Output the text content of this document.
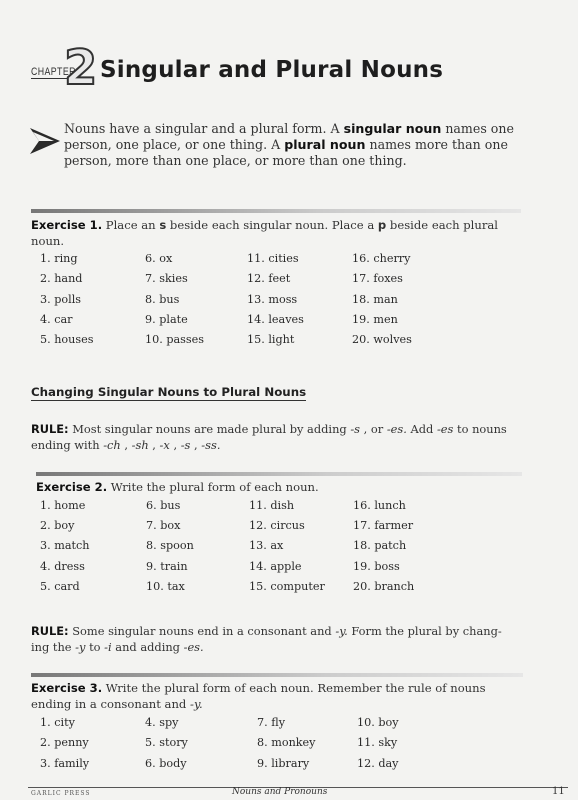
CHAPTER
2 Singular and Plural Nouns
Nouns have a singular and a plural form. A singular noun names one person, one place, or one thing. A plural noun names more than one person, more than one place, or more than one thing.
Exercise 1. Place an s beside each singular noun. Place a p beside each plural noun.
1. ring	6. ox	11. cities	16. cherry
2. hand	7. skies	12. feet	17. foxes
3. polls	8. bus	13. moss	18. man
4. car	9. plate	14. leaves	19. men
5. houses	10. passes	15. light	20. wolves
Changing Singular Nouns to Plural Nouns
RULE: Most singular nouns are made plural by adding -s , or -es. Add -es to nouns ending with -ch , -sh , -x , -s , -ss.
Exercise 2. Write the plural form of each noun.
1. home	6. bus	11. dish	16. lunch
2. boy	7. box	12. circus	17. farmer
3. match	8. spoon	13. ax	18. patch
4. dress	9. train	14. apple	19. boss
5. card	10. tax	15. computer	20. branch
RULE: Some singular nouns end in a consonant and -y. Form the plural by chang-ing the -y to -i and adding -es.
Exercise 3. Write the plural form of each noun. Remember the rule of nouns ending in a consonant and -y.
1. city	4. spy	7. fly	10. boy
2. penny	5. story	8. monkey	11. sky
3. family	6. body	9. library	12. day
GARLIC PRESS	Nouns and Pronouns	11
